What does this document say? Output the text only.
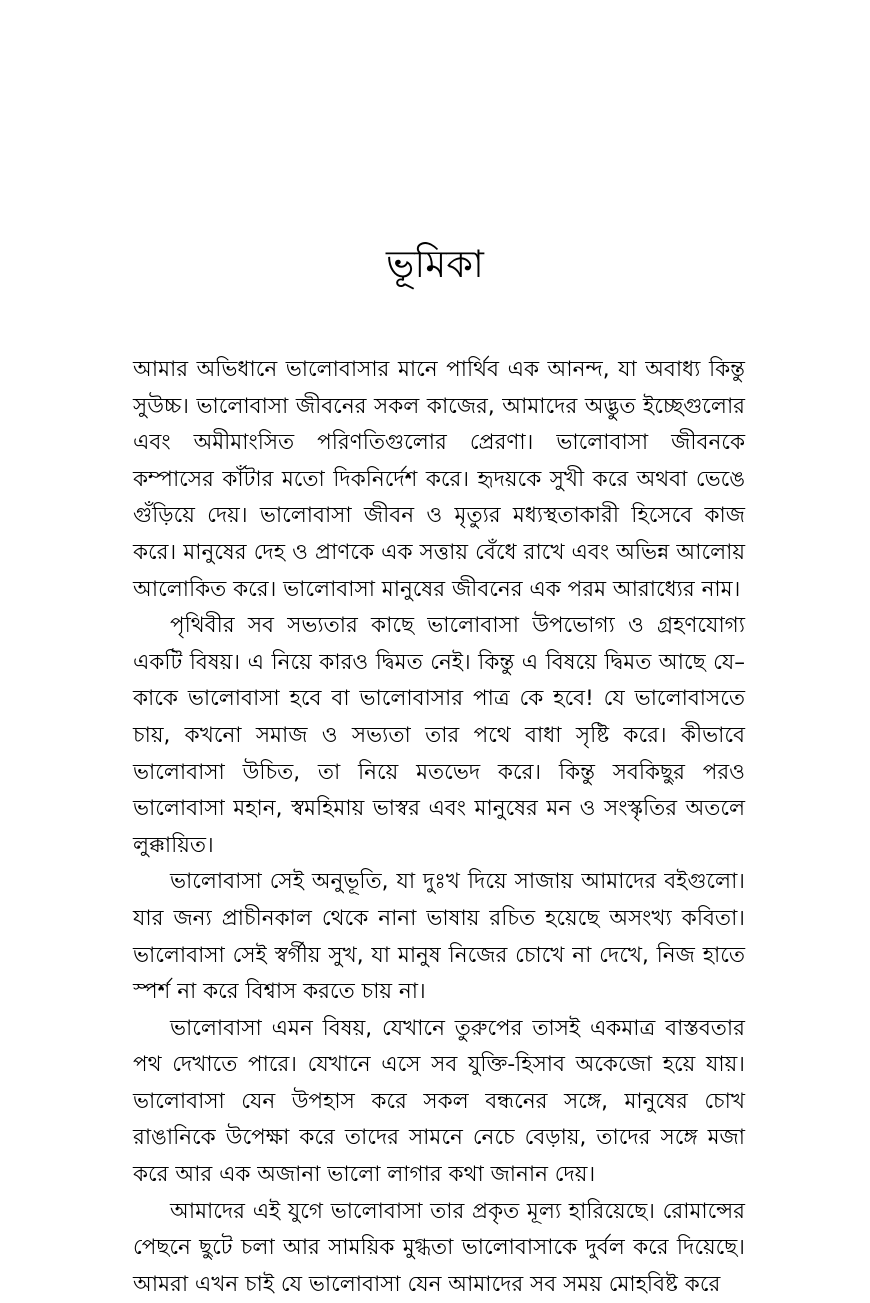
ভূমিকা

আমার অভিধানে ভালোবাসার মানে পার্থিব এক আনন্দ, যা অবাধ্য কিন্তু সুউচ্চ। ভালোবাসা জীবনের সকল কাজের, আমাদের অদ্ভুত ইচ্ছেগুলোর এবং অমীমাংসিত পরিণতিগুলোর প্রেরণা। ভালোবাসা জীবনকে কম্পাসের কাঁটার মতো দিকনির্দেশ করে। হৃদয়কে সুখী করে অথবা ভেঙে গুঁড়িয়ে দেয়। ভালোবাসা জীবন ও মৃত্যুর মধ্যস্থতাকারী হিসেবে কাজ করে। মানুষের দেহ ও প্রাণকে এক সত্তায় বেঁধে রাখে এবং অভিন্ন আলোয় আলোকিত করে। ভালোবাসা মানুষের জীবনের এক পরম আরাধ্যের নাম।

পৃথিবীর সব সভ্যতার কাছে ভালোবাসা উপভোগ্য ও গ্রহণযোগ্য একটি বিষয়। এ নিয়ে কারও দ্বিমত নেই। কিন্তু এ বিষয়ে দ্বিমত আছে যে–কাকে ভালোবাসা হবে বা ভালোবাসার পাত্র কে হবে! যে ভালোবাসতে চায়, কখনো সমাজ ও সভ্যতা তার পথে বাধা সৃষ্টি করে। কীভাবে ভালোবাসা উচিত, তা নিয়ে মতভেদ করে। কিন্তু সবকিছুর পরও ভালোবাসা মহান, স্বমহিমায় ভাস্বর এবং মানুষের মন ও সংস্কৃতির অতলে লুক্কায়িত।

ভালোবাসা সেই অনুভূতি, যা দুঃখ দিয়ে সাজায় আমাদের বইগুলো। যার জন্য প্রাচীনকাল থেকে নানা ভাষায় রচিত হয়েছে অসংখ্য কবিতা। ভালোবাসা সেই স্বর্গীয় সুখ, যা মানুষ নিজের চোখে না দেখে, নিজ হাতে স্পর্শ না করে বিশ্বাস করতে চায় না।

ভালোবাসা এমন বিষয়, যেখানে তুরুপের তাসই একমাত্র বাস্তবতার পথ দেখাতে পারে। যেখানে এসে সব যুক্তি-হিসাব অকেজো হয়ে যায়। ভালোবাসা যেন উপহাস করে সকল বন্ধনের সঙ্গে, মানুষের চোখ রাঙানিকে উপেক্ষা করে তাদের সামনে নেচে বেড়ায়, তাদের সঙ্গে মজা করে আর এক অজানা ভালো লাগার কথা জানান দেয়।

আমাদের এই যুগে ভালোবাসা তার প্রকৃত মূল্য হারিয়েছে। রোমান্সের পেছনে ছুটে চলা আর সাময়িক মুগ্ধতা ভালোবাসাকে দুর্বল করে দিয়েছে। আমরা এখন চাই যে ভালোবাসা যেন আমাদের সব সময় মোহবিষ্ট করে
